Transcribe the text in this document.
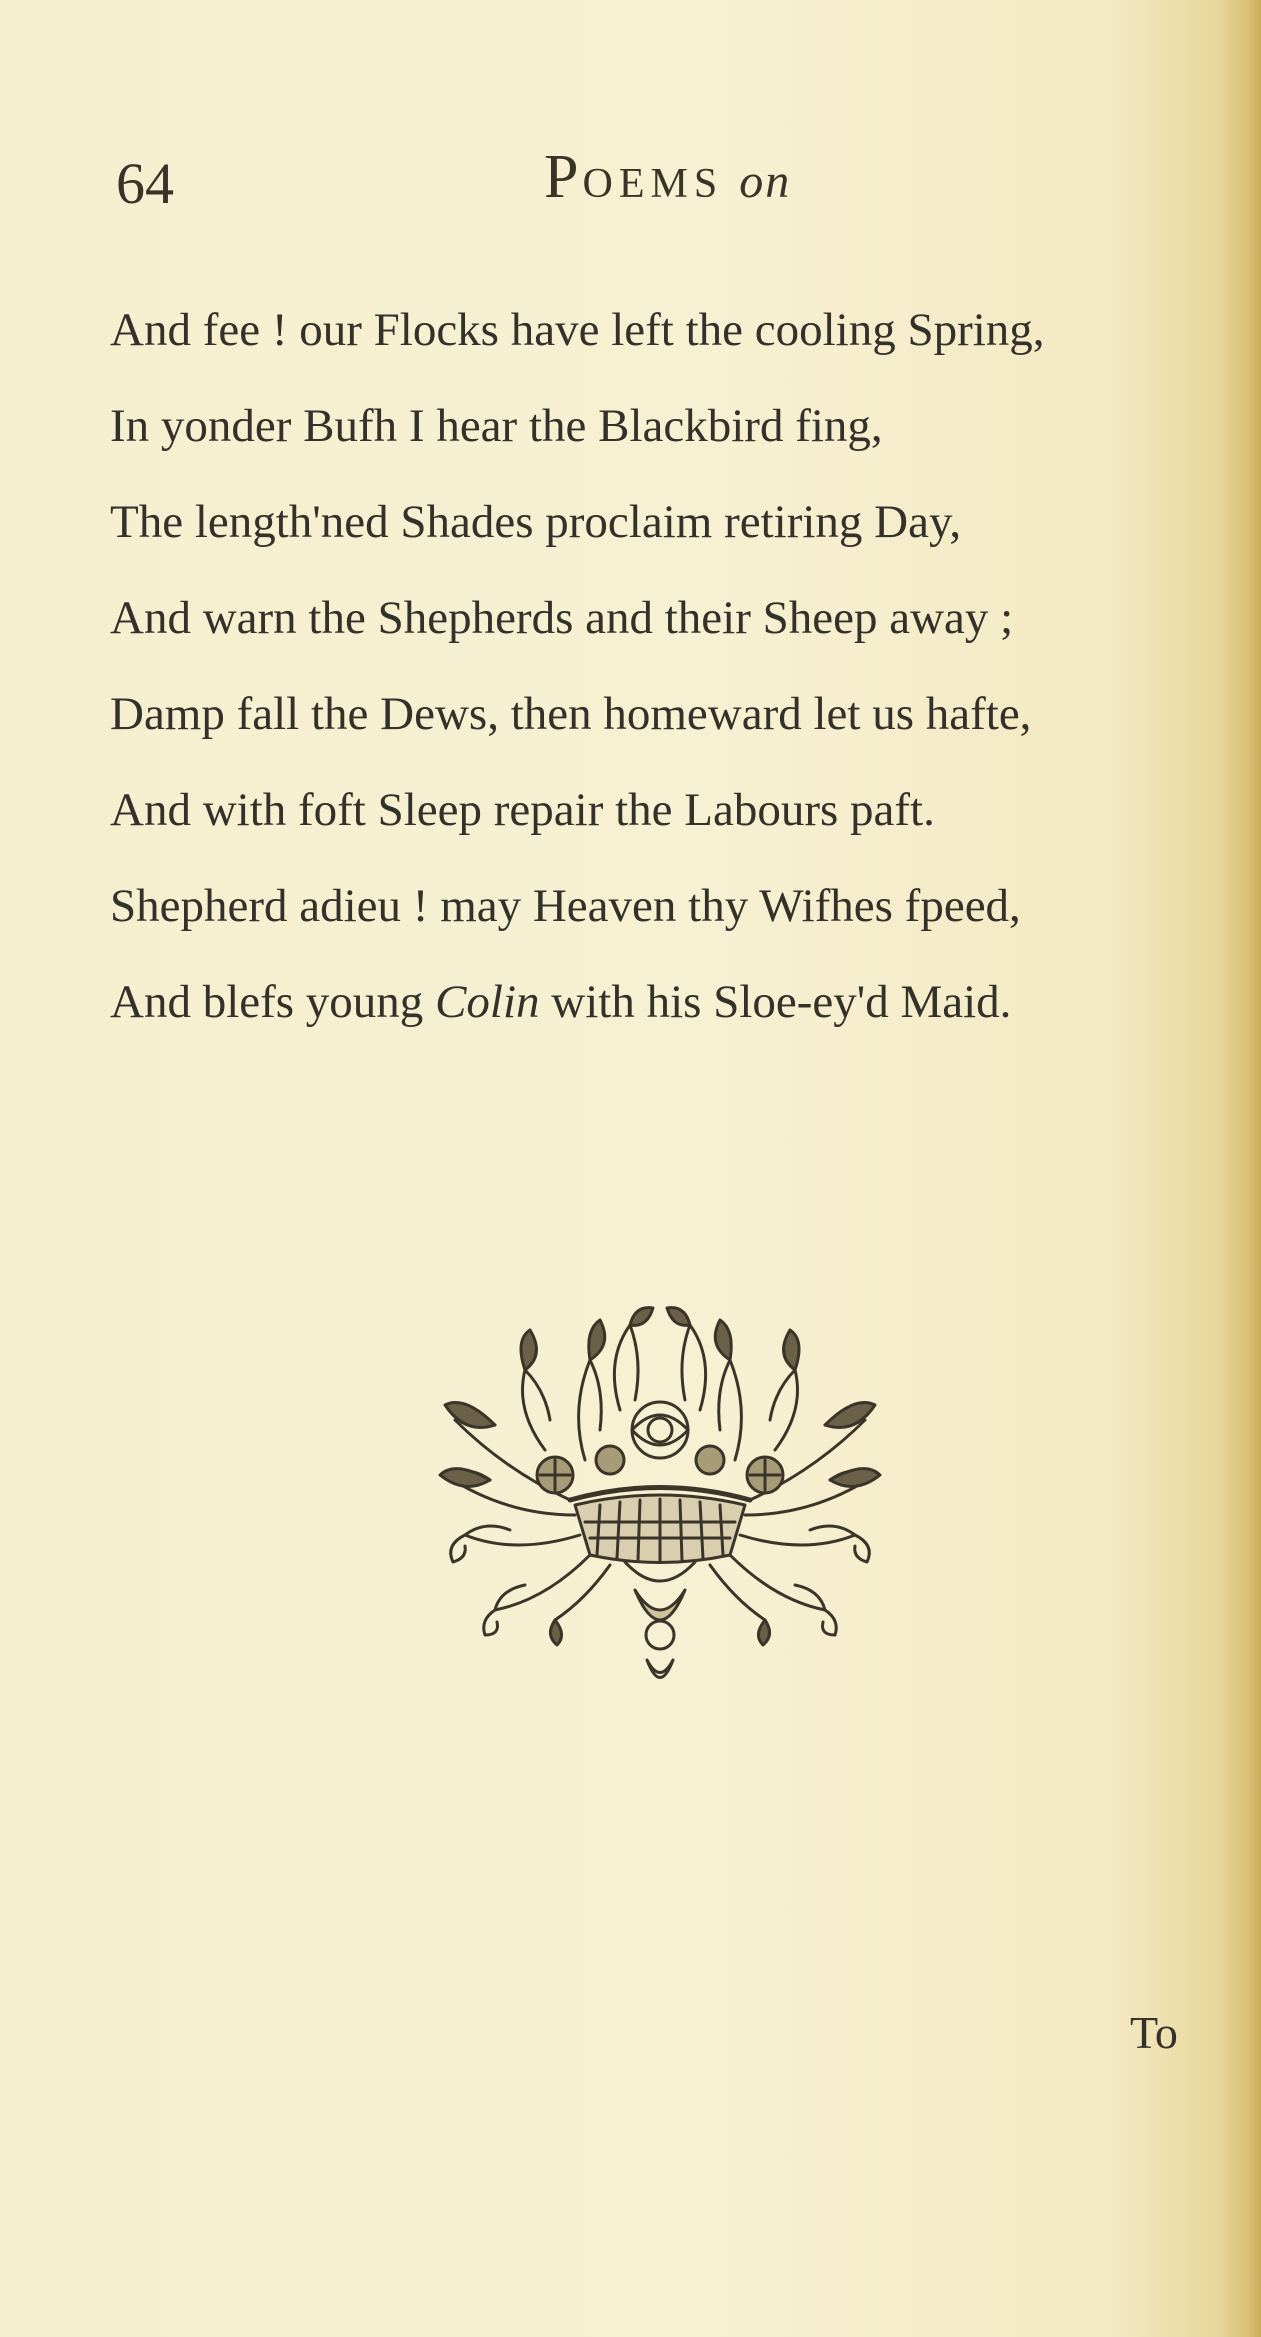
64	POEMS on
And fee ! our Flocks have left the cooling Spring,
In yonder Bufh I hear the Blackbird fing,
The length'ned Shades proclaim retiring Day,
And warn the Shepherds and their Sheep away ;
Damp fall the Dews, then homeward let us hafte,
And with foft Sleep repair the Labours paft.
Shepherd adieu ! may Heaven thy Wifhes fpeed,
And blefs young Colin with his Sloe-ey'd Maid.
To
